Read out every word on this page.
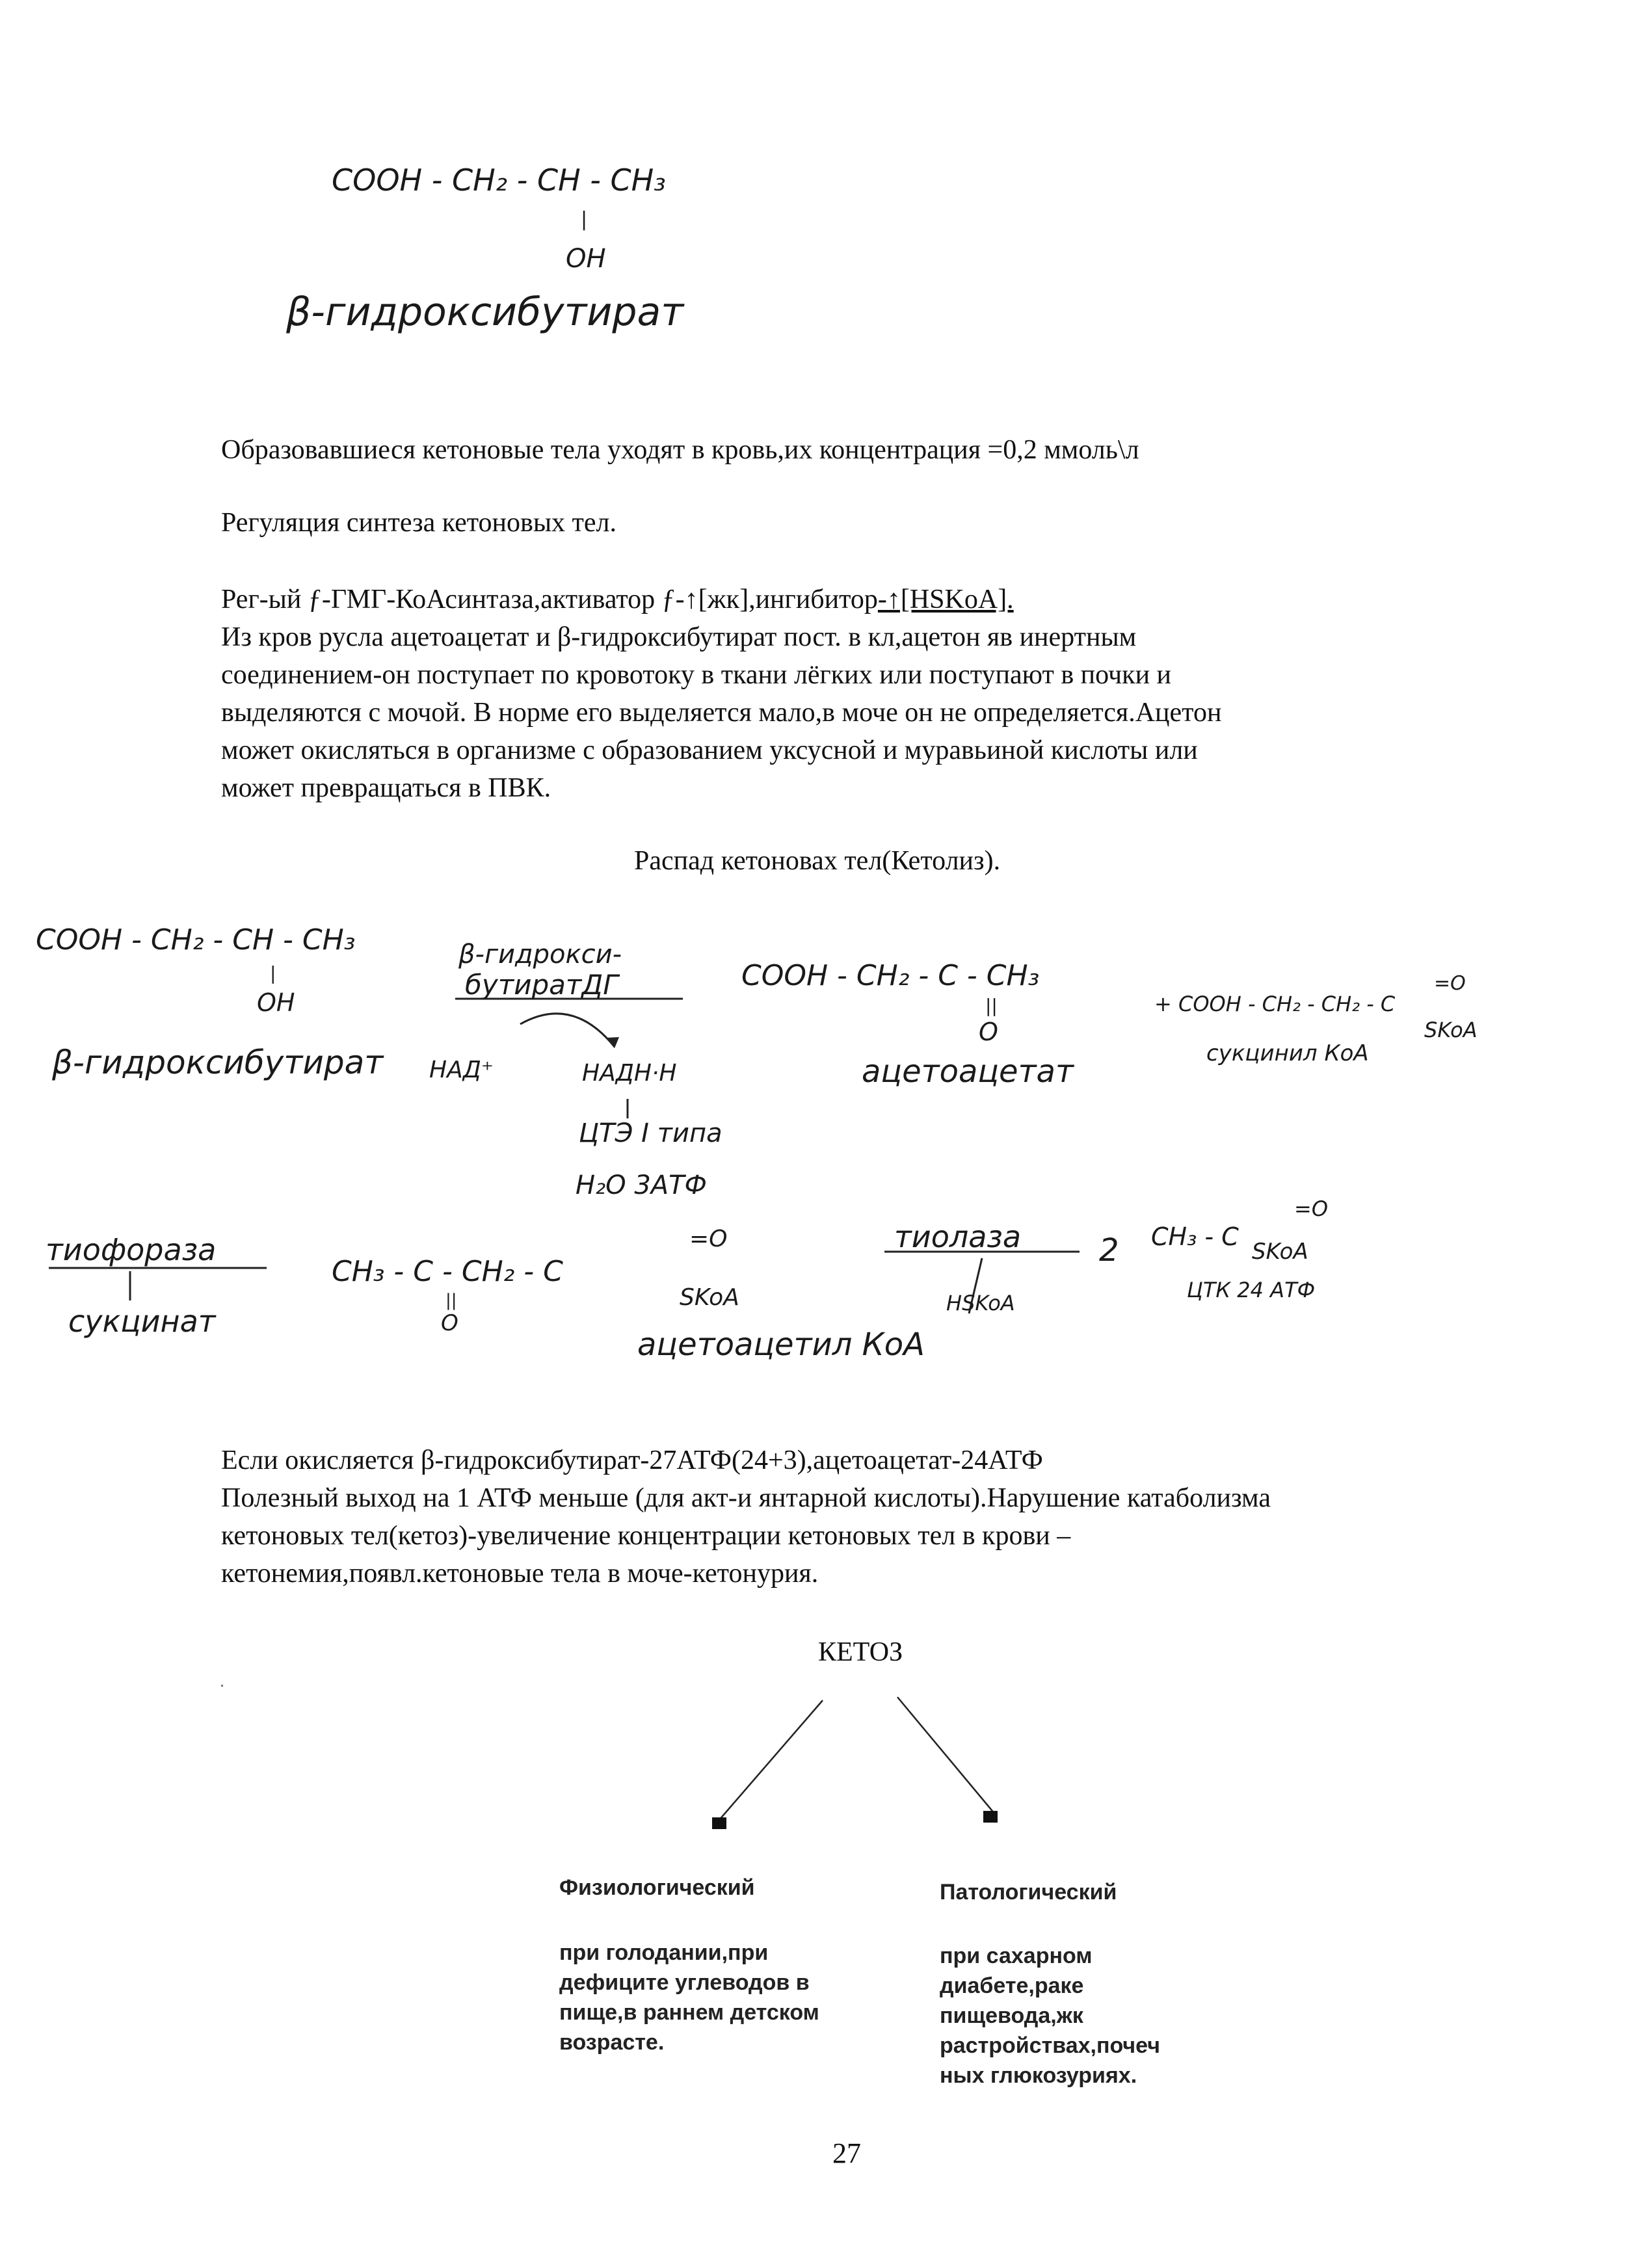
COOH - CH₂ - CH - CH₃
|
OH
β-гидроксибутират
Образовавшиеся кетоновые тела уходят в кровь,их концентрация =0,2 ммоль\л
Регуляция синтеза кетоновых тел.
Рег-ый ƒ-ГМГ-КоАсинтаза,активатор ƒ-↑[жк],ингибитор-↑[HSKoA].
Из кров русла ацетоацетат и β-гидроксибутират пост. в кл,ацетон яв инертным
соединением-он поступает по кровотоку в ткани лёгких или поступают в почки и
выделяются с мочой. В норме его выделяется мало,в моче он не определяется.Ацетон
может окисляться в организме с образованием уксусной и муравьиной кислоты или
может превращаться в ПВК.
Распад кетоновах тел(Кетолиз).
COOH - CH₂ - CH - CH₃
|
OH
β-гидроксибутират
β-гидрокси-
бутиратДГ
НАД⁺	НАДН·Н
ЦТЭ I типа
H₂O 3АТФ
COOH - CH₂ - C - CH₃
||
O
ацетоацетат
+ COOH - CH₂ - CH₂ - C
=O
SKoA
сукцинил КоА
тиофораза
сукцинат
CH₃ - C - CH₂ - C
||
O
=O
SKoA
ацетоацетил КоА
тиолаза
HSKoA
2 CH₃ - C
=O
SKoA
ЦТК 24 АТФ
Если окисляется β-гидроксибутират-27АТФ(24+3),ацетоацетат-24АТФ
Полезный выход на 1 АТФ меньше (для акт-и янтарной кислоты).Нарушение катаболизма
кетоновых тел(кетоз)-увеличение концентрации кетоновых тел в крови –
кетонемия,появл.кетоновые тела в моче-кетонурия.
КЕТОЗ
Физиологический
при голодании,при
дефиците углеводов в
пище,в раннем детском
возрасте.
Патологический
при сахарном
диабете,раке
пищевода,жк
растройствах,почеч
ных глюкозуриях.
27
